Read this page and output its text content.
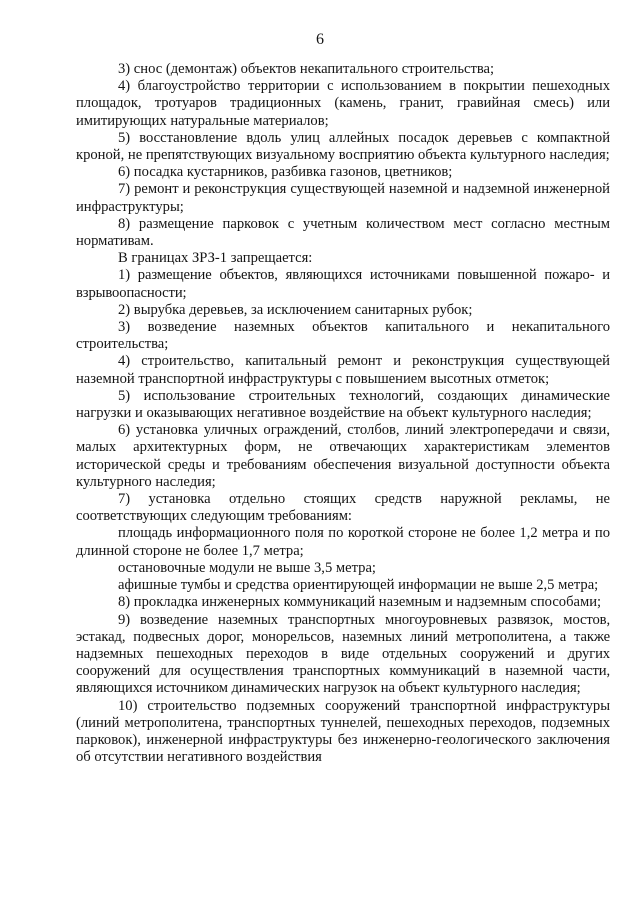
6

3) снос (демонтаж) объектов некапитального строительства;

4) благоустройство территории с использованием в покрытии пешеходных площадок, тротуаров традиционных (камень, гранит, гравийная смесь) или имитирующих натуральные материалов;

5) восстановление вдоль улиц аллейных посадок деревьев с компактной кроной, не препятствующих визуальному восприятию объекта культурного наследия;

6) посадка кустарников, разбивка газонов, цветников;

7) ремонт и реконструкция существующей наземной и надземной инженерной инфраструктуры;

8) размещение парковок с учетным количеством мест согласно местным нормативам.

В границах ЗРЗ-1 запрещается:

1) размещение объектов, являющихся источниками повышенной пожаро- и взрывоопасности;

2) вырубка деревьев, за исключением санитарных рубок;

3) возведение наземных объектов капитального и некапитального строительства;

4) строительство, капитальный ремонт и реконструкция существующей наземной транспортной инфраструктуры с повышением высотных отметок;

5) использование строительных технологий, создающих динамические нагрузки и оказывающих негативное воздействие на объект культурного наследия;

6) установка уличных ограждений, столбов, линий электропередачи и связи, малых архитектурных форм, не отвечающих характеристикам элементов исторической среды и требованиям обеспечения визуальной доступности объекта культурного наследия;

7) установка отдельно стоящих средств наружной рекламы, не соответствующих следующим требованиям:

площадь информационного поля по короткой стороне не более 1,2 метра и по длинной стороне не более 1,7 метра;

остановочные модули не выше 3,5 метра;

афишные тумбы и средства ориентирующей информации не выше 2,5 метра;

8) прокладка инженерных коммуникаций наземным и надземным способами;

9) возведение наземных транспортных многоуровневых развязок, мостов, эстакад, подвесных дорог, монорельсов, наземных линий метрополитена, а также надземных пешеходных переходов в виде отдельных сооружений и других сооружений для осуществления транспортных коммуникаций в наземной части, являющихся источником динамических нагрузок на объект культурного наследия;

10) строительство подземных сооружений транспортной инфраструктуры (линий метрополитена, транспортных туннелей, пешеходных переходов, подземных парковок), инженерной инфраструктуры без инженерно-геологического заключения об отсутствии негативного воздействия
